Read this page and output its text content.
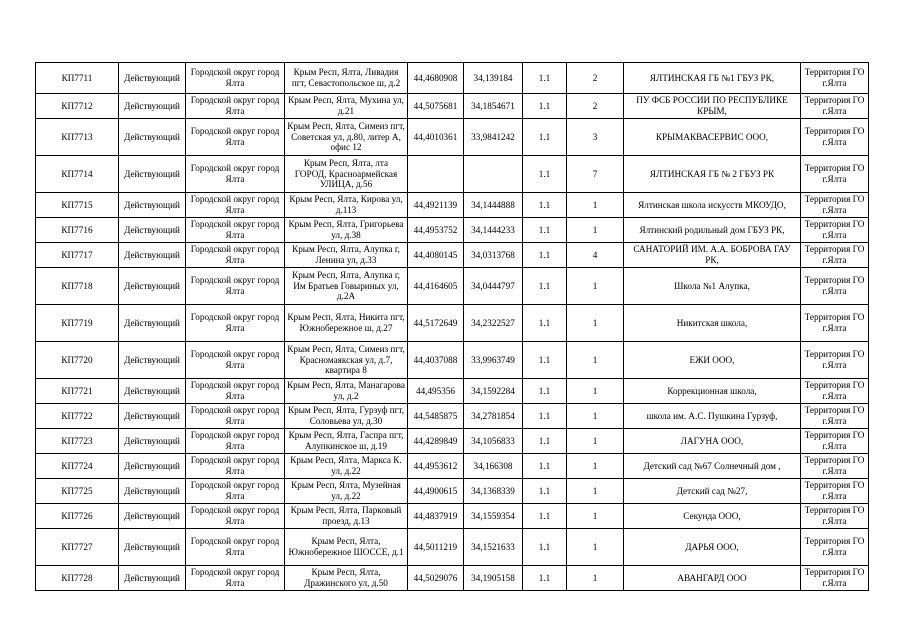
КП7711	Действующий	Городской округ город Ялта	Крым Респ, Ялта, Ливадия пгт, Севастопольское ш, д.2	44,4680908	34,139184	1.1	2	ЯЛТИНСКАЯ ГБ №1 ГБУЗ РК,	Территория ГО г.Ялта
КП7712	Действующий	Городской округ город Ялта	Крым Респ, Ялта, Мухина ул, д.21	44,5075681	34,1854671	1.1	2	ПУ ФСБ РОССИИ ПО РЕСПУБЛИКЕ КРЫМ,	Территория ГО г.Ялта
КП7713	Действующий	Городской округ город Ялта	Крым Респ, Ялта, Симеиз пгт, Советская ул, д.80, литер А, офис 12	44,4010361	33,9841242	1.1	3	КРЫМАКВАСЕРВИС ООО,	Территория ГО г.Ялта
КП7714	Действующий	Городской округ город Ялта	Крым Респ, Ялта, лта ГОРОД, Красноармейская УЛИЦА, д.56			1.1	7	ЯЛТИНСКАЯ ГБ № 2 ГБУЗ РК	Территория ГО г.Ялта
КП7715	Действующий	Городской округ город Ялта	Крым Респ, Ялта, Кирова ул, д.113	44,4921139	34,1444888	1.1	1	Ялтинская школа искусств МКОУДО,	Территория ГО г.Ялта
КП7716	Действующий	Городской округ город Ялта	Крым Респ, Ялта, Григорьева ул, д.38	44,4953752	34,1444233	1.1	1	Ялтинский родильный дом ГБУЗ РК,	Территория ГО г.Ялта
КП7717	Действующий	Городской округ город Ялта	Крым Респ, Ялта, Алупка г, Ленина ул, д.33	44,4080145	34,0313768	1.1	4	САНАТОРИЙ ИМ. А.А. БОБРОВА ГАУ РК,	Территория ГО г.Ялта
КП7718	Действующий	Городской округ город Ялта	Крым Респ, Ялта, Алупка г, Им Братьев Говыриных ул, д.2А	44,4164605	34,0444797	1.1	1	Школа №1 Алупка,	Территория ГО г.Ялта
КП7719	Действующий	Городской округ город Ялта	Крым Респ, Ялта, Никита пгт, Южнобережное ш, д.27	44,5172649	34,2322527	1.1	1	Никитская школа,	Территория ГО г.Ялта
КП7720	Действующий	Городской округ город Ялта	Крым Респ, Ялта, Симеиз пгт, Красномаякская ул, д.7, квартира 8	44,4037088	33,9963749	1.1	1	ЕЖИ ООО,	Территория ГО г.Ялта
КП7721	Действующий	Городской округ город Ялта	Крым Респ, Ялта, Манагарова ул, д.2	44,495356	34,1592284	1.1	1	Коррекционная школа,	Территория ГО г.Ялта
КП7722	Действующий	Городской округ город Ялта	Крым Респ, Ялта, Гурзуф пгт, Соловьева ул, д.30	44,5485875	34,2781854	1.1	1	школа им. А.С. Пушкина Гурзуф,	Территория ГО г.Ялта
КП7723	Действующий	Городской округ город Ялта	Крым Респ, Ялта, Гаспра пгт, Алупкинское ш, д.19	44,4289849	34,1056833	1.1	1	ЛАГУНА ООО,	Территория ГО г.Ялта
КП7724	Действующий	Городской округ город Ялта	Крым Респ, Ялта, Маркса К. ул, д.22	44,4953612	34,166308	1.1	1	Детский сад №67 Солнечный дом ,	Территория ГО г.Ялта
КП7725	Действующий	Городской округ город Ялта	Крым Респ, Ялта, Музейная ул, д.22	44,4900615	34,1368339	1.1	1	Детский сад №27,	Территория ГО г.Ялта
КП7726	Действующий	Городской округ город Ялта	Крым Респ, Ялта, Парковый проезд, д.13	44,4837919	34,1559354	1.1	1	Секунда ООО,	Территория ГО г.Ялта
КП7727	Действующий	Городской округ город Ялта	Крым Респ, Ялта, Южнобережное ШОССЕ, д.1	44,5011219	34,1521633	1.1	1	ДАРЬЯ ООО,	Территория ГО г.Ялта
КП7728	Действующий	Городской округ город Ялта	Крым Респ, Ялта, Дражинского ул, д.50	44,5029076	34,1905158	1.1	1	АВАНГАРД ООО	Территория ГО г.Ялта
